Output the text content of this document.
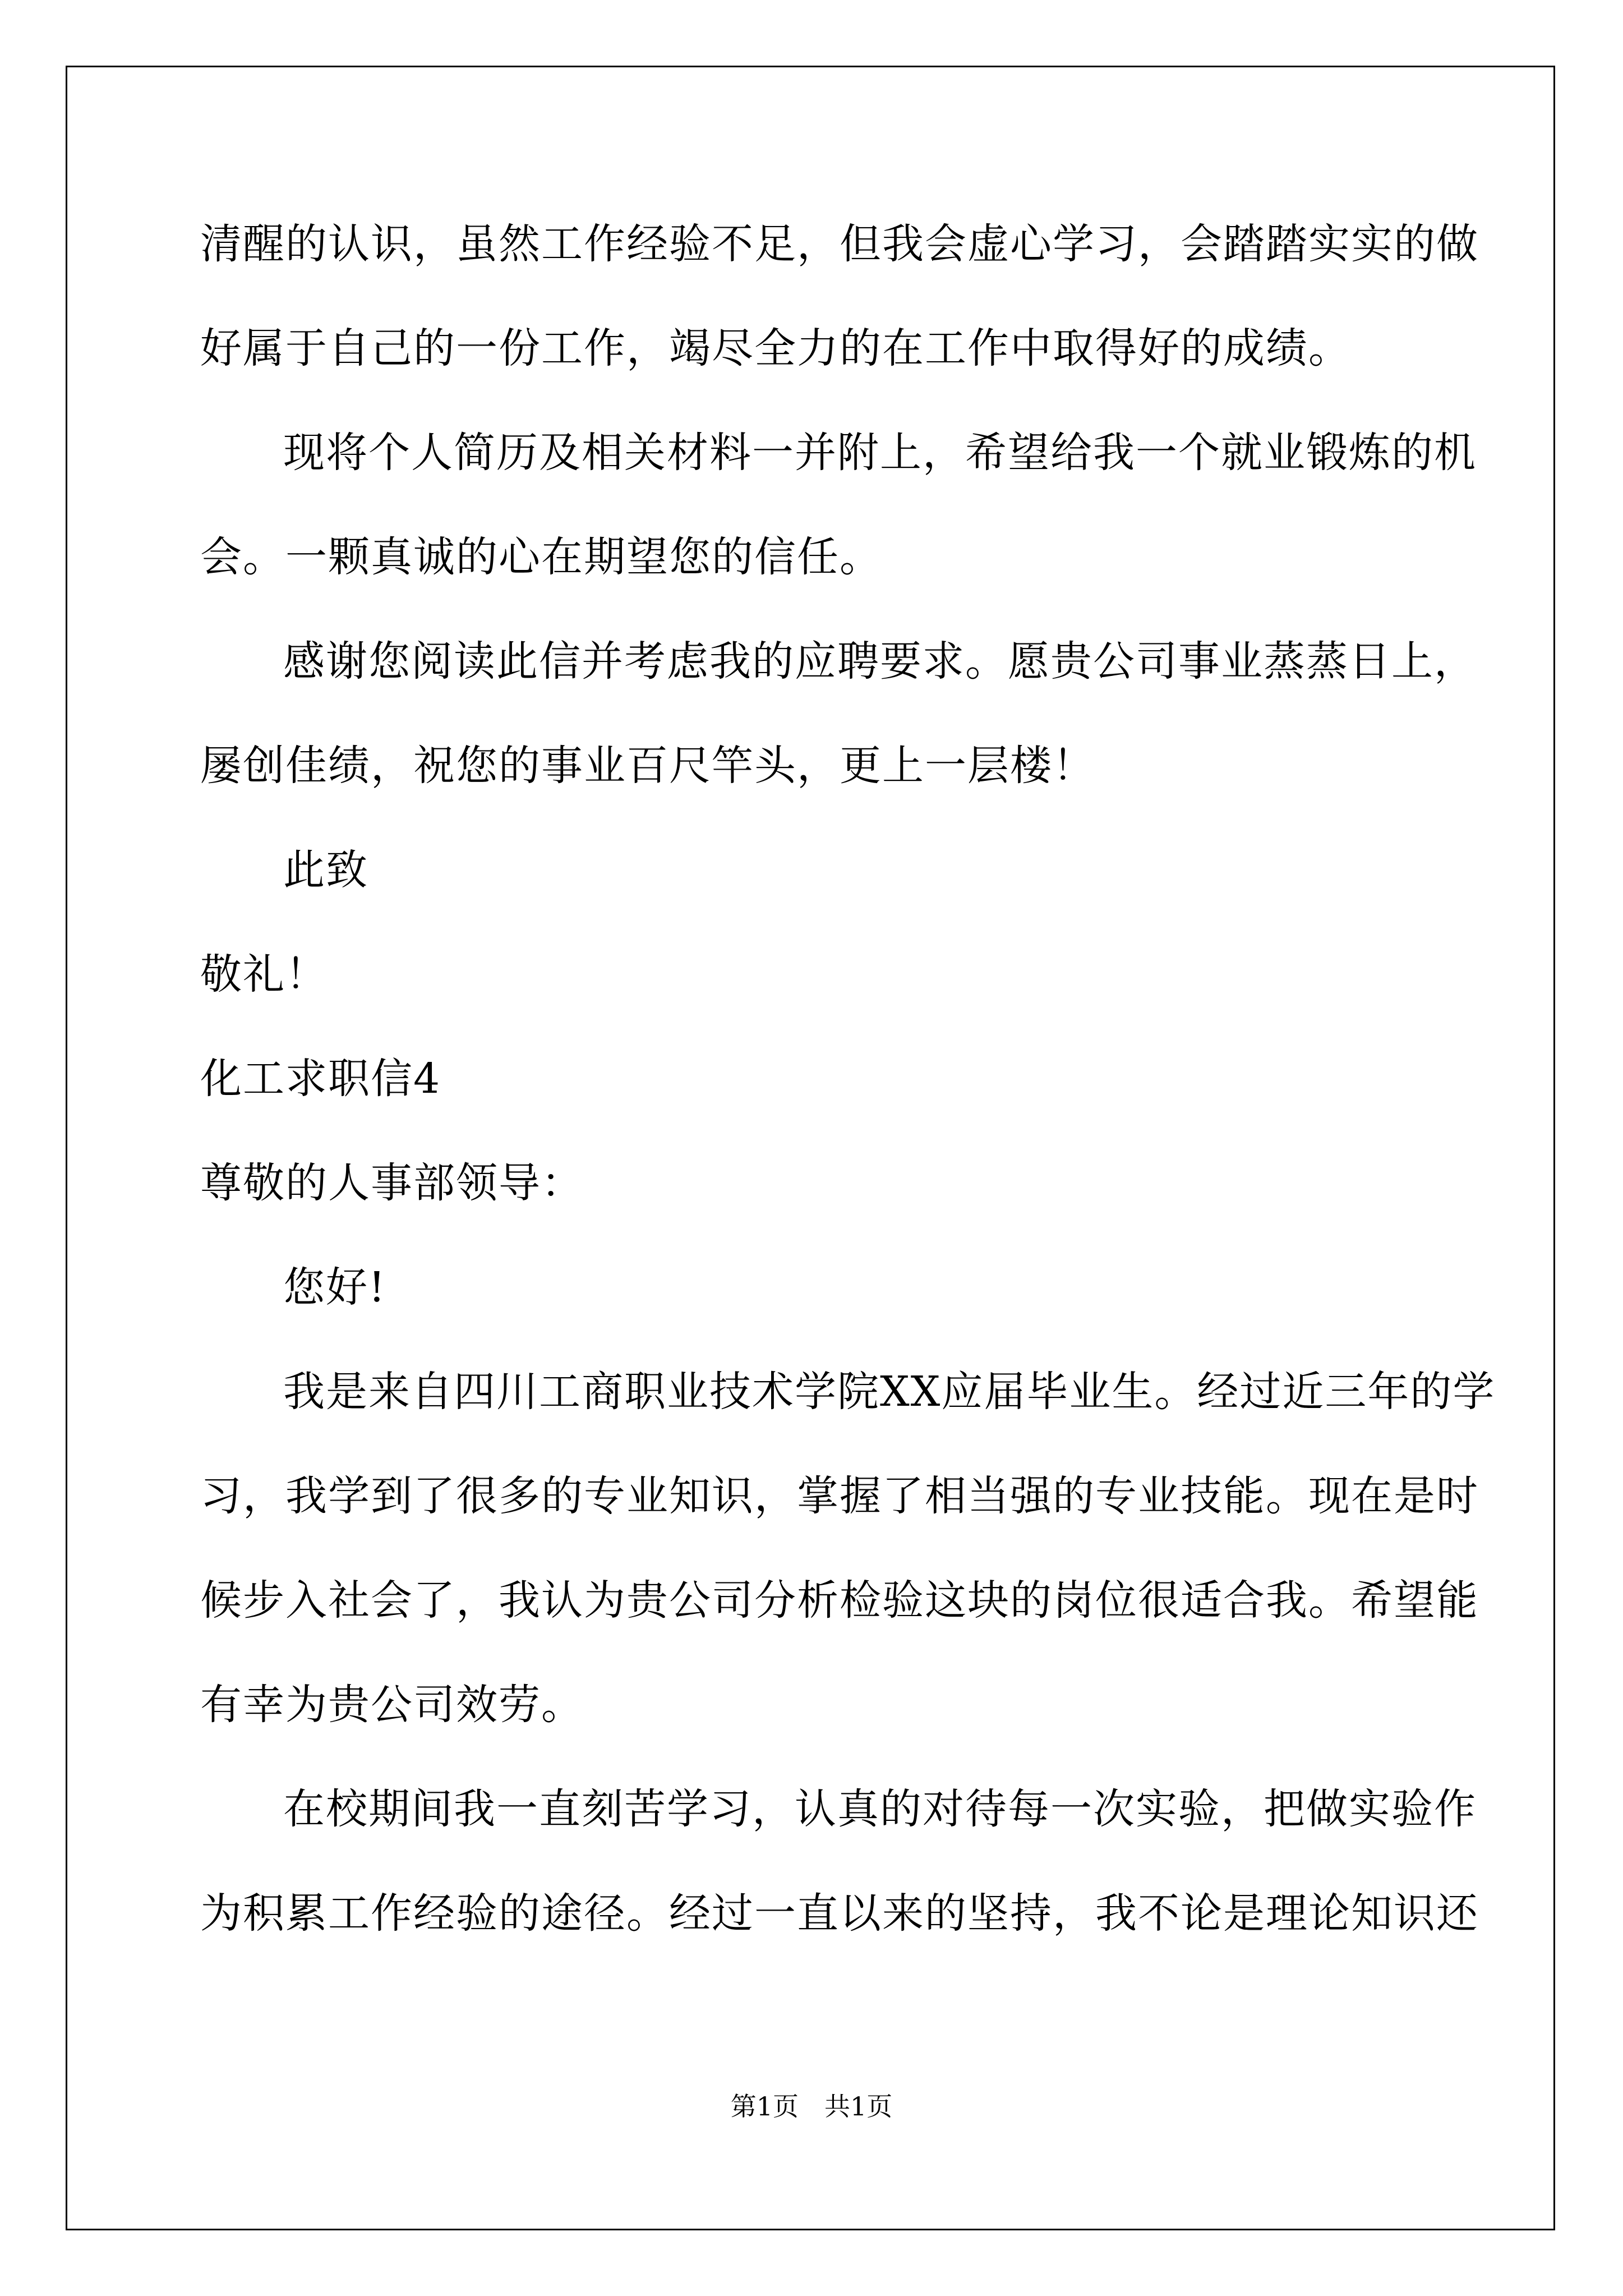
清醒的认识，虽然工作经验不足，但我会虚心学习，会踏踏实实的做
好属于自己的一份工作，竭尽全力的在工作中取得好的成绩。
现将个人简历及相关材料一并附上，希望给我一个就业锻炼的机
会。一颗真诚的心在期望您的信任。
感谢您阅读此信并考虑我的应聘要求。愿贵公司事业蒸蒸日上，
屡创佳绩，祝您的事业百尺竿头，更上一层楼！
此致
敬礼！
化工求职信4
尊敬的人事部领导：
您好!
我是来自四川工商职业技术学院XX应届毕业生。经过近三年的学
习，我学到了很多的专业知识，掌握了相当强的专业技能。现在是时
候步入社会了，我认为贵公司分析检验这块的岗位很适合我。希望能
有幸为贵公司效劳。
在校期间我一直刻苦学习，认真的对待每一次实验，把做实验作
为积累工作经验的途径。经过一直以来的坚持，我不论是理论知识还
第1页　共1页
